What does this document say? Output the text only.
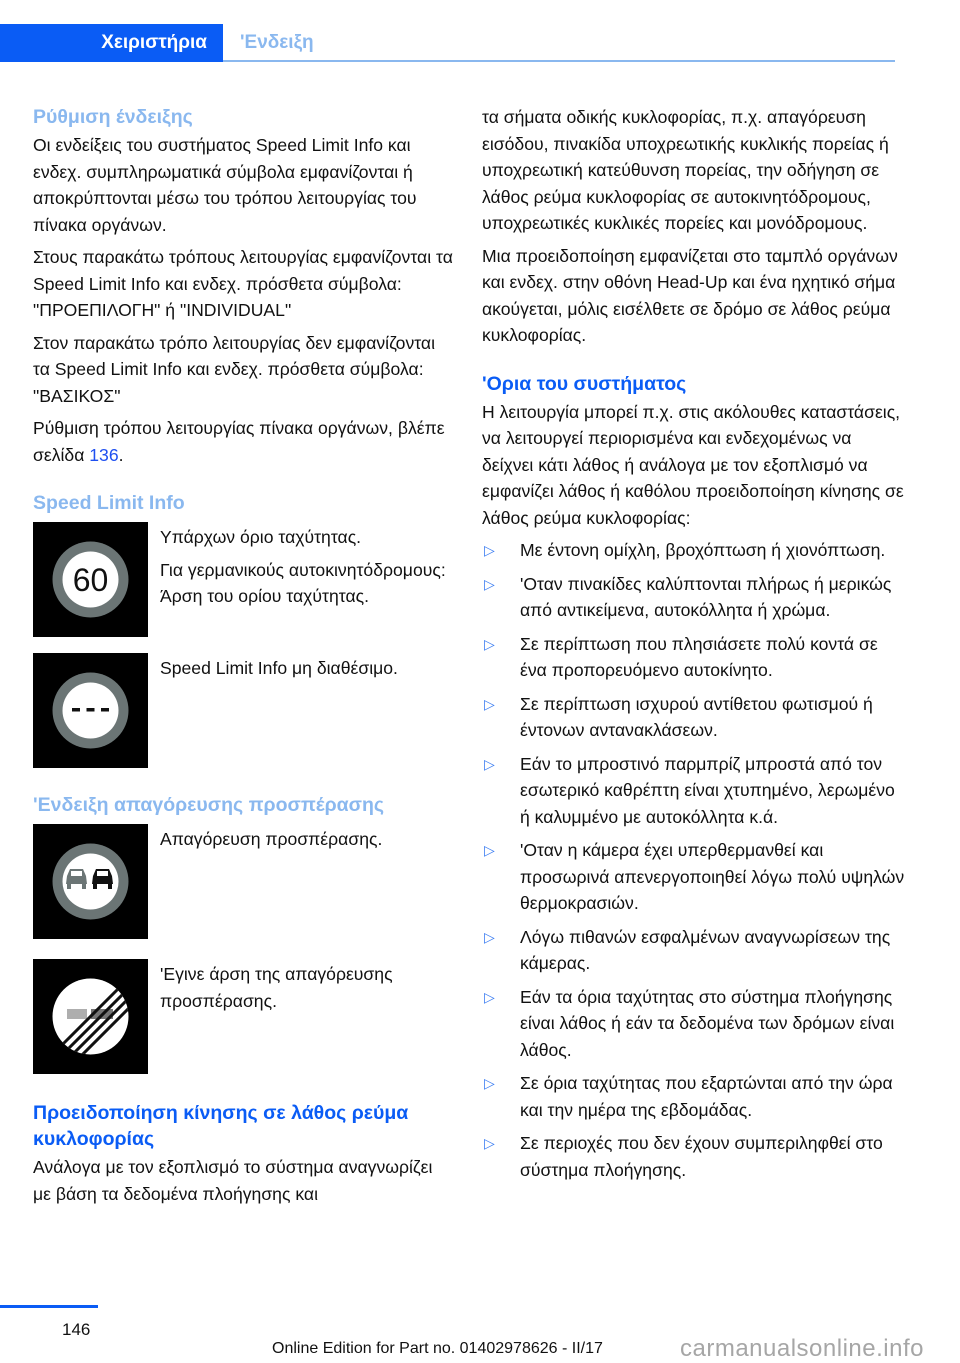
Χειριστήρια	'Ενδειξη
Ρύθμιση ένδειξης

Οι ενδείξεις του συστήματος Speed Limit Info και ενδεχ. συμπληρωματικά σύμβολα εμφανίζονται ή αποκρύπτονται μέσω του τρόπου λειτουργίας του πίνακα οργάνων.

Στους παρακάτω τρόπους λειτουργίας εμφανίζονται τα Speed Limit Info και ενδεχ. πρόσθετα σύμβολα: "ΠΡΟΕΠΙΛΟΓΗ" ή "INDIVIDUAL"

Στον παρακάτω τρόπο λειτουργίας δεν εμφανίζονται τα Speed Limit Info και ενδεχ. πρόσθετα σύμβολα: "ΒΑΣΙΚΟΣ"

Ρύθμιση τρόπου λειτουργίας πίνακα οργάνων, βλέπε σελίδα 136.

Speed Limit Info
60

Υπάρχων όριο ταχύτητας.

Για γερμανικούς αυτοκινητόδρομους: Άρση του ορίου ταχύτητας.

Speed Limit Info μη διαθέσιμο.

'Ενδειξη απαγόρευσης προσπέρασης

Απαγόρευση προσπέρασης.

'Εγινε άρση της απαγόρευσης προσπέρασης.

Προειδοποίηση κίνησης σε λάθος ρεύμα κυκλοφορίας

Ανάλογα με τον εξοπλισμό το σύστημα αναγνωρίζει με βάση τα δεδομένα πλοήγησης και

τα σήματα οδικής κυκλοφορίας, π.χ. απαγόρευση εισόδου, πινακίδα υποχρεωτικής κυκλικής πορείας ή υποχρεωτική κατεύθυνση πορείας, την οδήγηση σε λάθος ρεύμα κυκλοφορίας σε αυτοκινητόδρομους, υποχρεωτικές κυκλικές πορείες και μονόδρομους.

Μια προειδοποίηση εμφανίζεται στο ταμπλό οργάνων και ενδεχ. στην οθόνη Head-Up και ένα ηχητικό σήμα ακούγεται, μόλις εισέλθετε σε δρόμο σε λάθος ρεύμα κυκλοφορίας.

'Ορια του συστήματος

Η λειτουργία μπορεί π.χ. στις ακόλουθες καταστάσεις, να λειτουργεί περιορισμένα και ενδεχομένως να δείχνει κάτι λάθος ή ανάλογα με τον εξοπλισμό να εμφανίζει λάθος ή καθόλου προειδοποίηση κίνησης σε λάθος ρεύμα κυκλοφορίας:

▷ Με έντονη ομίχλη, βροχόπτωση ή χιονόπτωση.
▷ 'Οταν πινακίδες καλύπτονται πλήρως ή μερικώς από αντικείμενα, αυτοκόλλητα ή χρώμα.
▷ Σε περίπτωση που πλησιάσετε πολύ κοντά σε ένα προπορευόμενο αυτοκίνητο.
▷ Σε περίπτωση ισχυρού αντίθετου φωτισμού ή έντονων αντανακλάσεων.
▷ Εάν το μπροστινό παρμπρίζ μπροστά από τον εσωτερικό καθρέπτη είναι χτυπημένο, λερωμένο ή καλυμμένο με αυτοκόλλητα κ.ά.
▷ 'Οταν η κάμερα έχει υπερθερμανθεί και προσωρινά απενεργοποιηθεί λόγω πολύ υψηλών θερμοκρασιών.
▷ Λόγω πιθανών εσφαλμένων αναγνωρίσεων της κάμερας.
▷ Εάν τα όρια ταχύτητας στο σύστημα πλοήγησης είναι λάθος ή εάν τα δεδομένα των δρόμων είναι λάθος.
▷ Σε όρια ταχύτητας που εξαρτώνται από την ώρα και την ημέρα της εβδομάδας.
▷ Σε περιοχές που δεν έχουν συμπεριληφθεί στο σύστημα πλοήγησης.
146
Online Edition for Part no. 01402978626 - II/17	carmanualsonline.info
